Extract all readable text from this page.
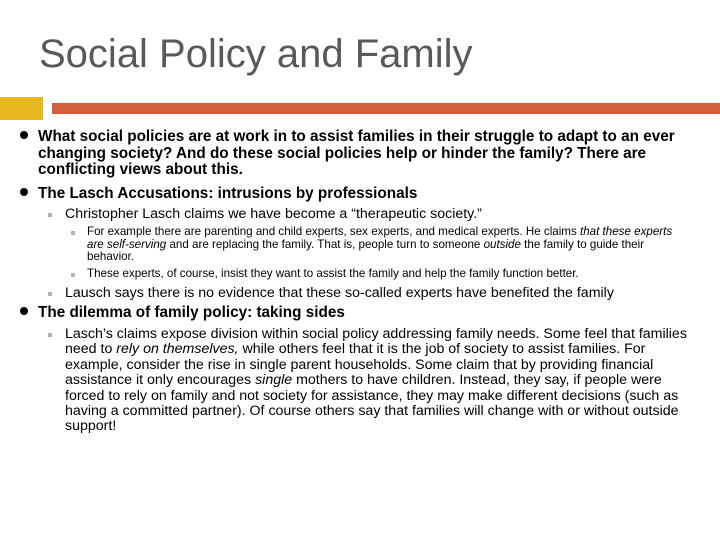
Social Policy and Family
What social policies are at work in to assist families in their struggle to adapt to an ever changing society? And do these social policies help or hinder the family? There are conflicting views about this.
The Lasch Accusations: intrusions by professionals
Christopher Lasch claims we have become a “therapeutic society.”
For example there are parenting and child experts, sex experts, and medical experts. He claims that these experts are self-serving and are replacing the family. That is, people turn to someone outside the family to guide their behavior.
These experts, of course, insist they want to assist the family and help the family function better.
Lausch says there is no evidence that these so-called experts have benefited the family
The dilemma of family policy: taking sides
Lasch’s claims expose division within social policy addressing family needs. Some feel that families need to rely on themselves, while others feel that it is the job of society to assist families. For example, consider the rise in single parent households. Some claim that by providing financial assistance it only encourages single mothers to have children. Instead, they say, if people were forced to rely on family and not society for assistance, they may make different decisions (such as having a committed partner). Of course others say that families will change with or without outside support!
